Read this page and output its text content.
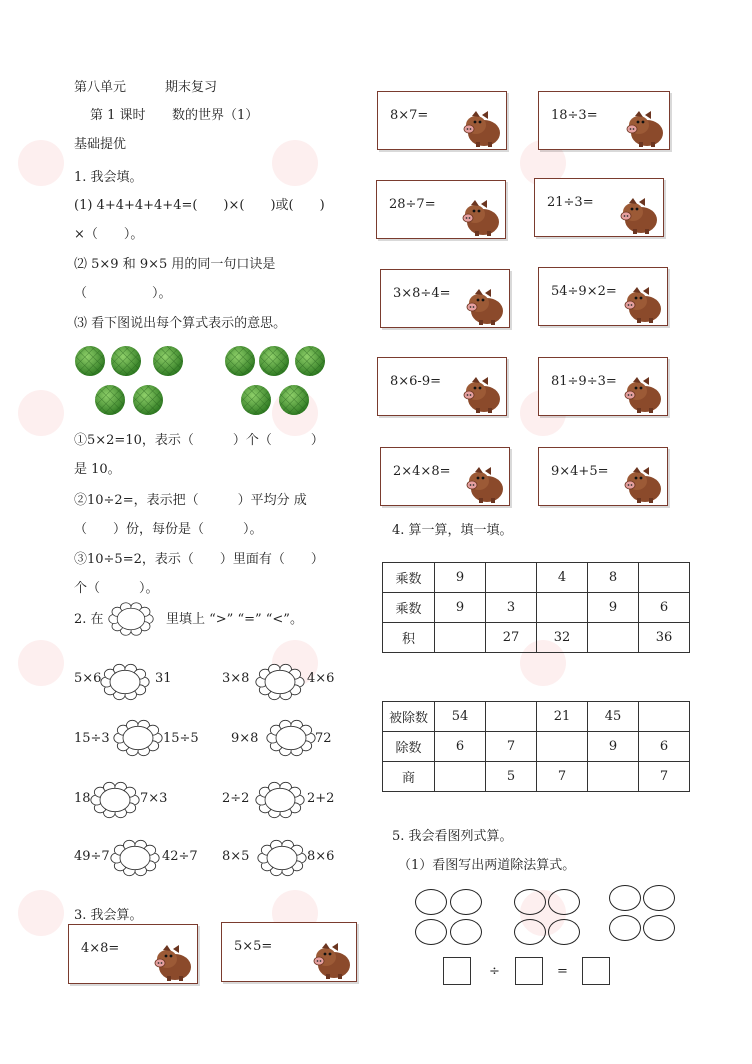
第八单元	期末复习
第 1 课时 数的世界（1）
基础提优
1. 我会填。
(1) 4+4+4+4+4=(　　)×(　　)或(　　)
×（　　）。
⑵ 5×9 和 9×5 用的同一句口诀是
（　　　　　）。
⑶ 看下图说出每个算式表示的意思。
①5×2=10，表示（　　　）个（　　　）
是 10。
②10÷2=，表示把（　　　）平均分 成
（　　）份，每份是（　　　）。
③10÷5=2，表示（　　）里面有（　　）
个（　　　）。
2. 在	里填上 “>” “=” “<”。
5×6	31	3×8	4×6
15÷3	15÷5 9×8	72
18	7×3	2÷2	2+2
49÷7	42÷7 8×5	8×6
3. 我会算。
4×8=	5×5=
8×7=	18÷3=
28÷7=	21÷3=
3×8÷4=	54÷9×2=
8×6-9=	81÷9÷3=
2×4×8=	9×4+5=
4. 算一算，填一填。
乘数	9		4	8	
乘数	9	3		9	6
积		27	32		36
被除数	54		21	45	
除数	6	7		9	6
商		5	7		7
5. 我会看图列式算。
（1）看图写出两道除法算式。
÷	=
